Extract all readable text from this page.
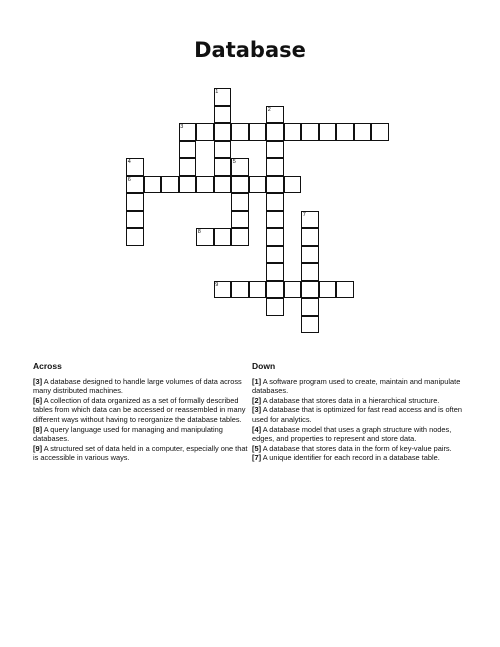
Database
1
2
3
4	5
6
7
8
9
Across
[3] A database designed to handle large volumes of data across many distributed machines.
[6] A collection of data organized as a set of formally described tables from which data can be accessed or reassembled in many different ways without having to reorganize the database tables.
[8] A query language used for managing and manipulating databases.
[9] A structured set of data held in a computer, especially one that is accessible in various ways.
Down
[1] A software program used to create, maintain and manipulate databases.
[2] A database that stores data in a hierarchical structure.
[3] A database that is optimized for fast read access and is often used for analytics.
[4] A database model that uses a graph structure with nodes, edges, and properties to represent and store data.
[5] A database that stores data in the form of key-value pairs.
[7] A unique identifier for each record in a database table.
